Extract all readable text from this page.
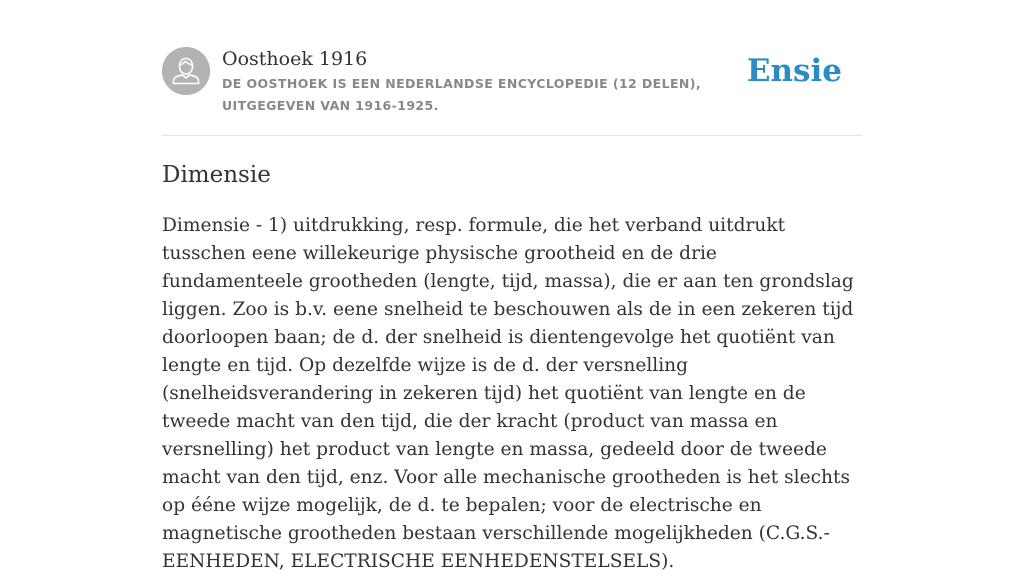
Oosthoek 1916
DE OOSTHOEK IS EEN NEDERLANDSE ENCYCLOPEDIE (12 DELEN), UITGEGEVEN VAN 1916-1925.
Ensie
Dimensie

Dimensie - 1) uitdrukking, resp. formule, die het verband uitdrukt tusschen eene willekeurige physische grootheid en de drie fundamenteele grootheden (lengte, tijd, massa), die er aan ten grondslag liggen. Zoo is b.v. eene snelheid te beschouwen als de in een zekeren tijd doorloopen baan; de d. der snelheid is dientengevolge het quotiënt van lengte en tijd. Op dezelfde wijze is de d. der versnelling (snelheidsverandering in zekeren tijd) het quotiënt van lengte en de tweede macht van den tijd, die der kracht (product van massa en versnelling) het product van lengte en massa, gedeeld door de tweede macht van den tijd, enz. Voor alle mechanische grootheden is het slechts op ééne wijze mogelijk, de d. te bepalen; voor de electrische en magnetische grootheden bestaan verschillende mogelijkheden (C.G.S.-EENHEDEN, ELECTRISCHE EENHEDENSTELSELS).
